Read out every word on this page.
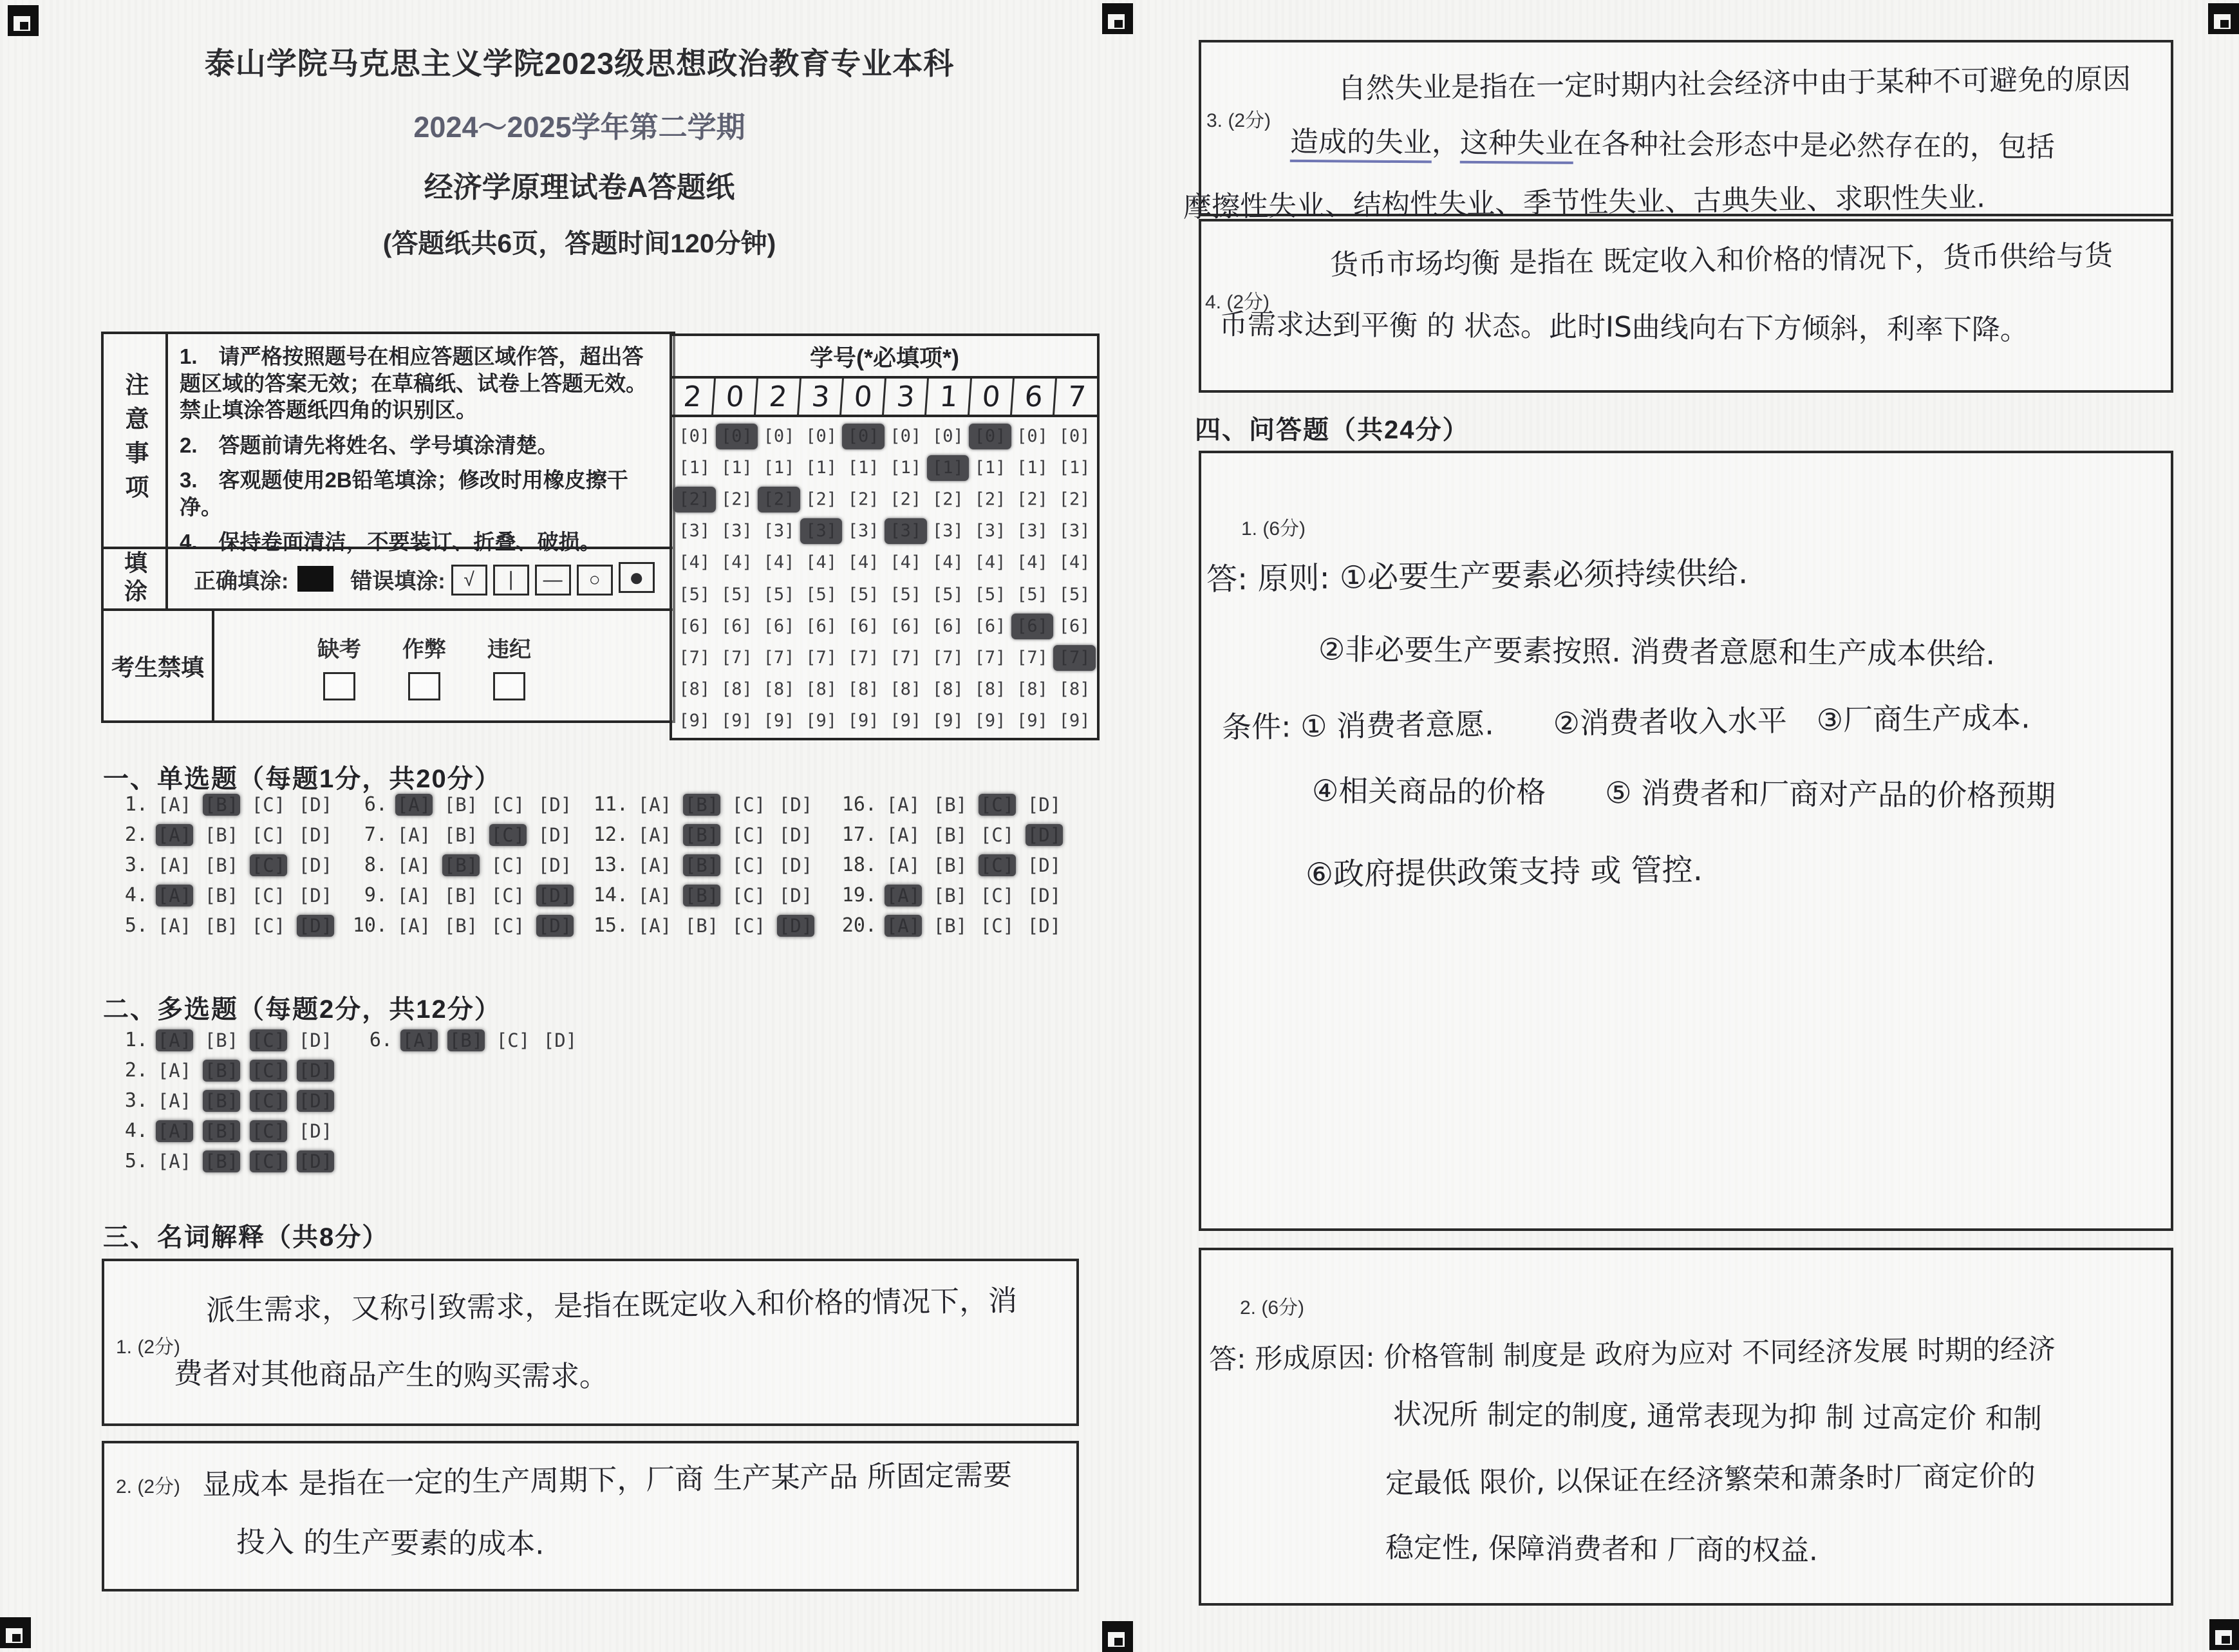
泰山学院马克思主义学院2023级思想政治教育专业本科
2024～2025学年第二学期
经济学原理试卷A答题纸
(答题纸共6页，答题时间120分钟)
注意事项
1.　请严格按照题号在相应答题区域作答，超出答题区域的答案无效；在草稿纸、试卷上答题无效。禁止填涂答题纸四角的识别区。
2.　答题前请先将姓名、学号填涂清楚。
3.　客观题使用2B铅笔填涂；修改时用橡皮擦干净。
4.　保持卷面清洁，不要装订、折叠、破损。
填涂	正确填涂:	错误填涂: √ ∣ — ○ ●
考生禁填
缺考 作弊 违纪
学号(*必填项*)
2 0 2 3 0 3 1 0 6 7
[0] [0] [0] [0] [0] [0] [0] [0] [0] [0]
[1] [1] [1] [1] [1] [1] [1] [1] [1] [1]
[2] [2] [2] [2] [2] [2] [2] [2] [2] [2]
[3] [3] [3] [3] [3] [3] [3] [3] [3] [3]
[4] [4] [4] [4] [4] [4] [4] [4] [4] [4]
[5] [5] [5] [5] [5] [5] [5] [5] [5] [5]
[6] [6] [6] [6] [6] [6] [6] [6] [6] [6]
[7] [7] [7] [7] [7] [7] [7] [7] [7] [7]
[8] [8] [8] [8] [8] [8] [8] [8] [8] [8]
[9] [9] [9] [9] [9] [9] [9] [9] [9] [9]
一、单选题（每题1分，共20分）
1. [A] [B] [C] [D]
2. [A] [B] [C] [D]
3. [A] [B] [C] [D]
4. [A] [B] [C] [D]
5. [A] [B] [C] [D]
6. [A] [B] [C] [D]
7. [A] [B] [C] [D]
8. [A] [B] [C] [D]
9. [A] [B] [C] [D]
10. [A] [B] [C] [D]
11. [A] [B] [C] [D]
12. [A] [B] [C] [D]
13. [A] [B] [C] [D]
14. [A] [B] [C] [D]
15. [A] [B] [C] [D]
16. [A] [B] [C] [D]
17. [A] [B] [C] [D]
18. [A] [B] [C] [D]
19. [A] [B] [C] [D]
20. [A] [B] [C] [D]
二、多选题（每题2分，共12分）
1. [A] [B] [C] [D]
2. [A] [B] [C] [D]
3. [A] [B] [C] [D]
4. [A] [B] [C] [D]
5. [A] [B] [C] [D]
6. [A] [B] [C] [D]
三、名词解释（共8分）
1. (2分)
派生需求，又称引致需求，是指在既定收入和价格的情况下，消
费者对其他商品产生的购买需求。
2. (2分) 显成本 是指在一定的生产周期下，厂商 生产某产品 所固定需要
投入 的生产要素的成本.
3. (2分)
自然失业是指在一定时期内社会经济中由于某种不可避免的原因
造成的失业，这种失业在各种社会形态中是必然存在的，包括
摩擦性失业、结构性失业、季节性失业、古典失业、求职性失业.
4. (2分)
货币市场均衡 是指在 既定收入和价格的情况下，货币供给与货
币需求达到平衡 的 状态。此时IS曲线向右下方倾斜，利率下降。
四、问答题（共24分）
1. (6分)
答: 原则: ①必要生产要素必须持续供给.
②非必要生产要素按照. 消费者意愿和生产成本供给.
条件: ① 消费者意愿.　　②消费者收入水平　③厂商生产成本.
④相关商品的价格　　⑤ 消费者和厂商对产品的价格预期
⑥政府提供政策支持 或 管控.
2. (6分)
答: 形成原因: 价格管制 制度是 政府为应对 不同经济发展 时期的经济
状况所 制定的制度, 通常表现为抑 制 过高定价 和制
定最低 限价, 以保证在经济繁荣和萧条时厂商定价的
稳定性, 保障消费者和 厂商的权益.
